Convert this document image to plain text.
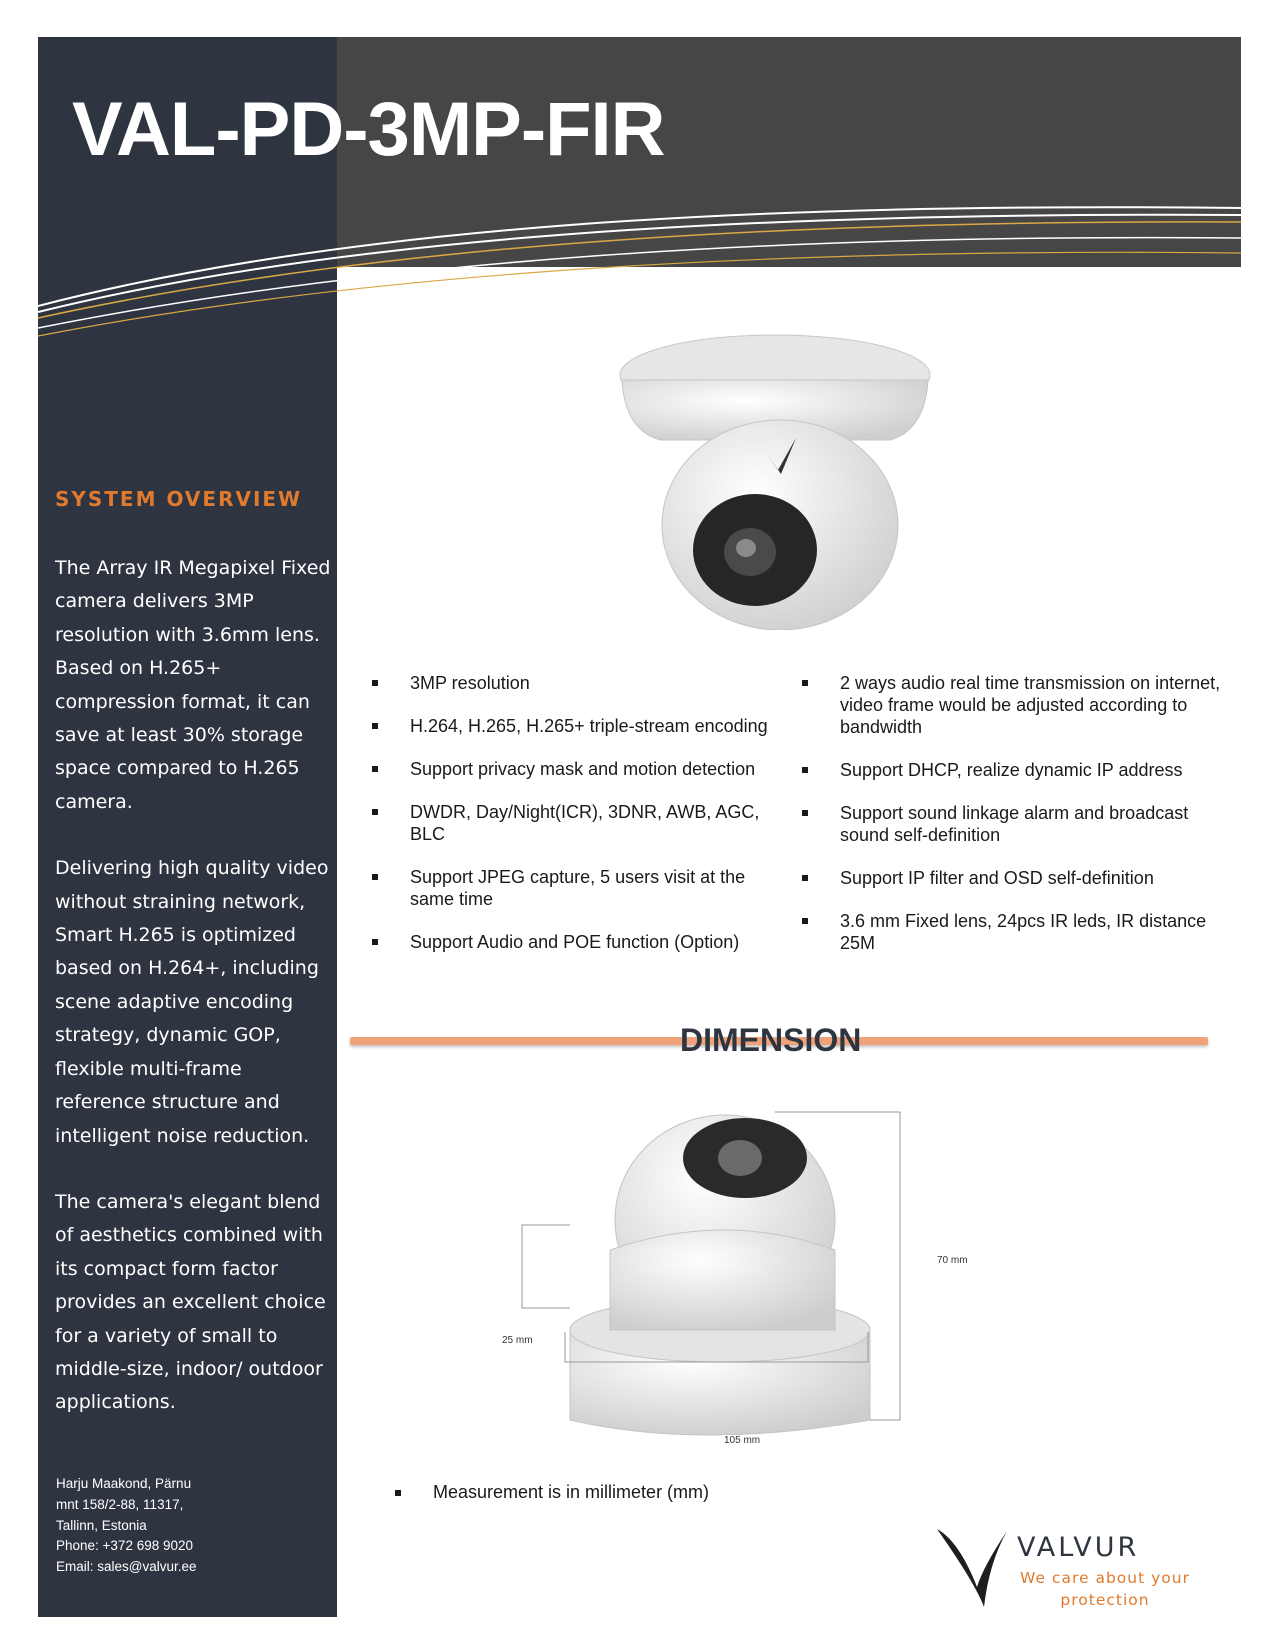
VAL-PD-3MP-FIR
SYSTEM OVERVIEW

The Array IR Megapixel Fixed camera delivers 3MP resolution with 3.6mm lens. Based on H.265+ compression format, it can save at least 30% storage space compared to H.265 camera.

Delivering high quality video without straining network, Smart H.265 is optimized based on H.264+, including scene adaptive encoding strategy, dynamic GOP, flexible multi-frame reference structure and intelligent noise reduction.

The camera's elegant blend of aesthetics combined with its compact form factor provides an excellent choice for a variety of small to middle-size, indoor/ outdoor applications.

Harju Maakond, Pärnu
mnt 158/2-88, 11317,
Tallinn, Estonia
Phone: +372 698 9020
Email: sales@valvur.ee
3MP resolution
H.264, H.265, H.265+ triple-stream encoding
Support privacy mask and motion detection
DWDR, Day/Night(ICR), 3DNR, AWB, AGC, BLC
Support JPEG capture, 5 users visit at the same time
Support Audio and POE function (Option)
2 ways audio real time transmission on internet, video frame would be adjusted according to bandwidth
Support DHCP, realize dynamic IP address
Support sound linkage alarm and broadcast sound self-definition
Support IP filter and OSD self-definition
3.6 mm Fixed lens, 24pcs IR leds, IR distance 25M
DIMENSION
70 mm
25 mm
105 mm
Measurement is in millimeter (mm)
VALVUR
We care about your
protection
